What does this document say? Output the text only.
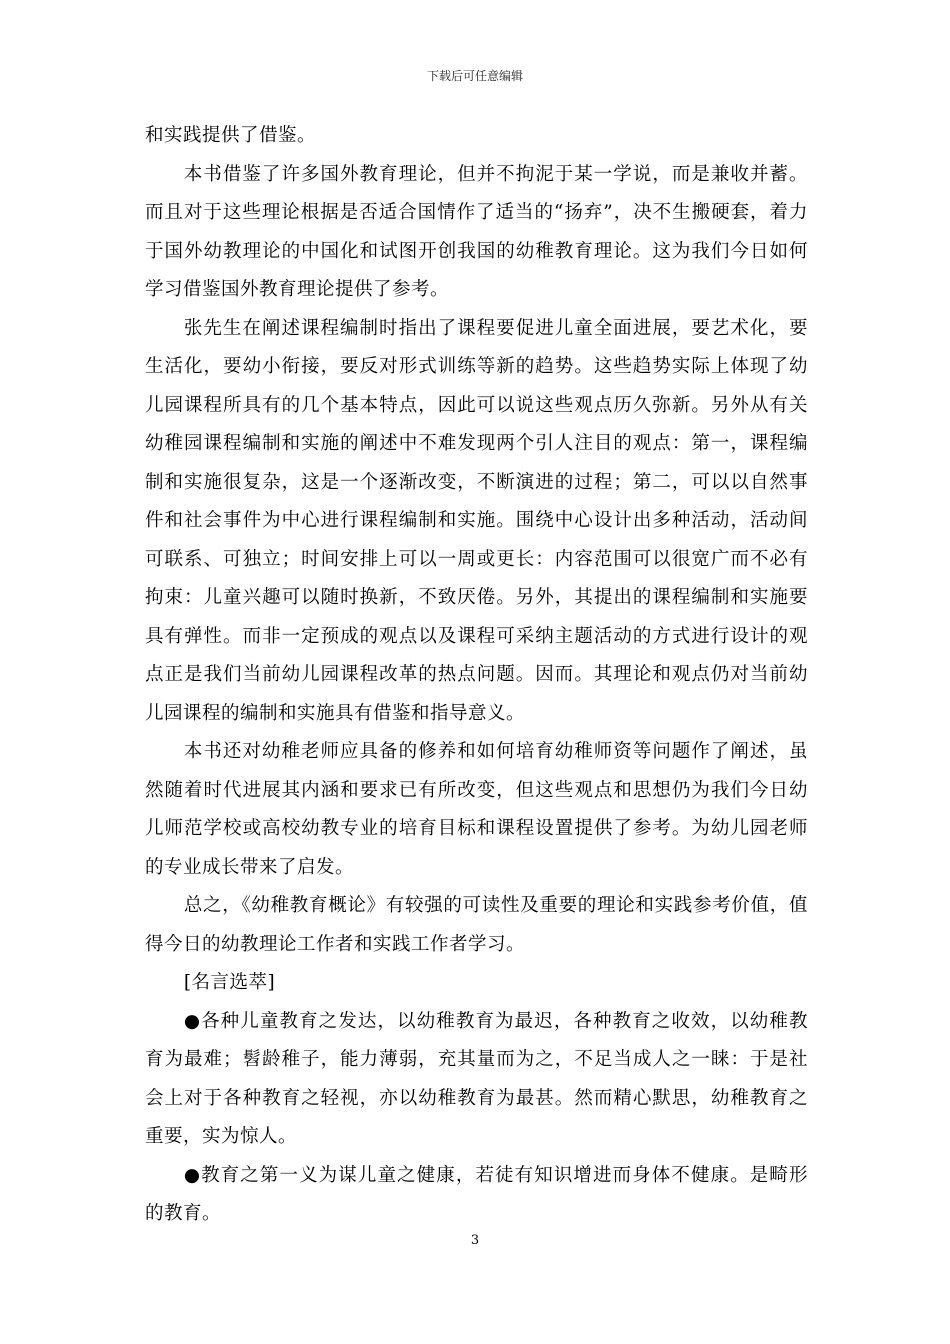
下载后可任意编辑

和实践提供了借鉴。

本书借鉴了许多国外教育理论，但并不拘泥于某一学说，而是兼收并蓄。而且对于这些理论根据是否适合国情作了适当的“扬弃”，决不生搬硬套，着力于国外幼教理论的中国化和试图开创我国的幼稚教育理论。这为我们今日如何学习借鉴国外教育理论提供了参考。

张先生在阐述课程编制时指出了课程要促进儿童全面进展，要艺术化，要生活化，要幼小衔接，要反对形式训练等新的趋势。这些趋势实际上体现了幼儿园课程所具有的几个基本特点，因此可以说这些观点历久弥新。另外从有关幼稚园课程编制和实施的阐述中不难发现两个引人注目的观点：第一，课程编制和实施很复杂，这是一个逐渐改变，不断演进的过程；第二，可以以自然事件和社会事件为中心进行课程编制和实施。围绕中心设计出多种活动，活动间可联系、可独立；时间安排上可以一周或更长：内容范围可以很宽广而不必有拘束：儿童兴趣可以随时换新，不致厌倦。另外，其提出的课程编制和实施要具有弹性。而非一定预成的观点以及课程可采纳主题活动的方式进行设计的观点正是我们当前幼儿园课程改革的热点问题。因而。其理论和观点仍对当前幼儿园课程的编制和实施具有借鉴和指导意义。

本书还对幼稚老师应具备的修养和如何培育幼稚师资等问题作了阐述，虽然随着时代进展其内涵和要求已有所改变，但这些观点和思想仍为我们今日幼儿师范学校或高校幼教专业的培育目标和课程设置提供了参考。为幼儿园老师的专业成长带来了启发。

总之，《幼稚教育概论》有较强的可读性及重要的理论和实践参考价值，值得今日的幼教理论工作者和实践工作者学习。

[名言选萃]

●各种儿童教育之发达，以幼稚教育为最迟，各种教育之收效，以幼稚教育为最难；髫龄稚子，能力薄弱，充其量而为之，不足当成人之一睐：于是社会上对于各种教育之轻视，亦以幼稚教育为最甚。然而精心默思，幼稚教育之重要，实为惊人。

●教育之第一义为谋儿童之健康，若徒有知识增进而身体不健康。是畸形的教育。

3
